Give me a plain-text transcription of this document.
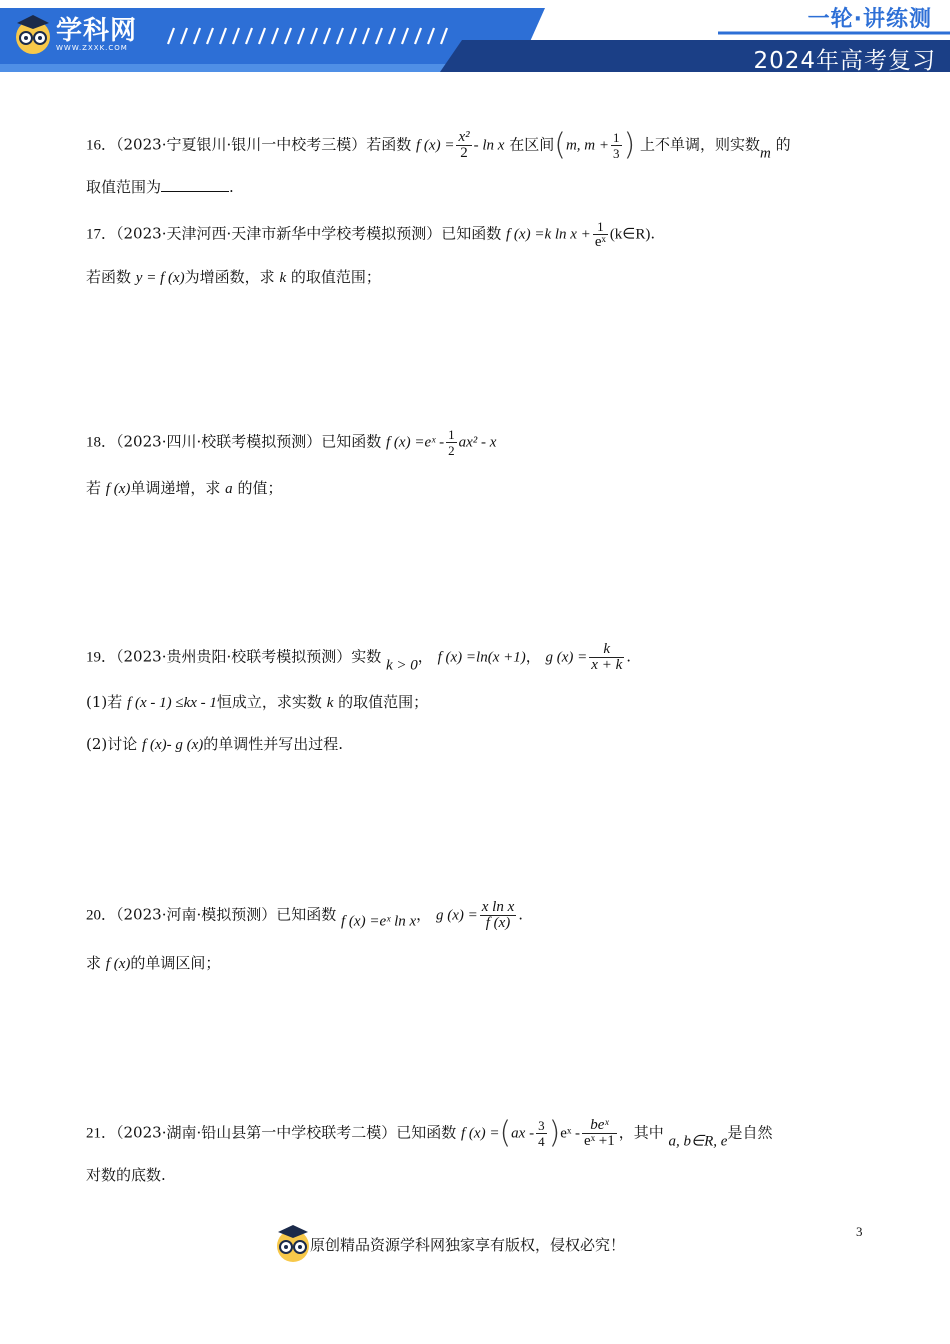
学科网
WWW.ZXXK.COM
一轮·讲练测
2024年高考复习
16．（2023·宁夏银川·银川一中校考三模）若函数 f $(x) = \frac{\text{x²}}{2} - \ln x$ 在区间(m, $m + \frac{1}{3}$ ) 上不单调，则实数m 的
取值范围为	.
17．（2023·天津河西·天津市新华中学校考模拟预测）已知函数 f (x) =k $\ln x + \frac{1}{\text{eˣ}}$ (k∈R).
若函数 y = f (x)为增函数，求 k 的取值范围；
18．（2023·四川·校联考模拟预测）已知函数 f (x) =eˣ - $\frac{1}{2} ax^2$ - x
若 f (x)单调递增，求 a 的值；
19．（2023·贵州贵阳·校联考模拟预测）实数 k > 0， f (x) =ln(x +1)， g $(x) = \frac{k}{x + k}$ .
(1)若 f (x - 1) ≤kx - 1恒成立，求实数 k 的取值范围；
(2)讨论 f (x)- g (x)的单调性并写出过程.
20．（2023·河南·模拟预测）已知函数 f (x) =eˣ ln x， g $(x) = \frac{\text{x ln x}}{f (x)}$ .
求 f (x)的单调区间；
21．（2023·湖南·铅山县第一中学校联考二模）已知函数 f $(x) =(ax - \frac{3}{4}$ )eˣ - $\frac{\text{beˣ}}{\text{eˣ +1}}$ ，其中 a, b∈R, e是自然
对数的底数.
原创精品资源学科网独家享有版权，侵权必究！
3
